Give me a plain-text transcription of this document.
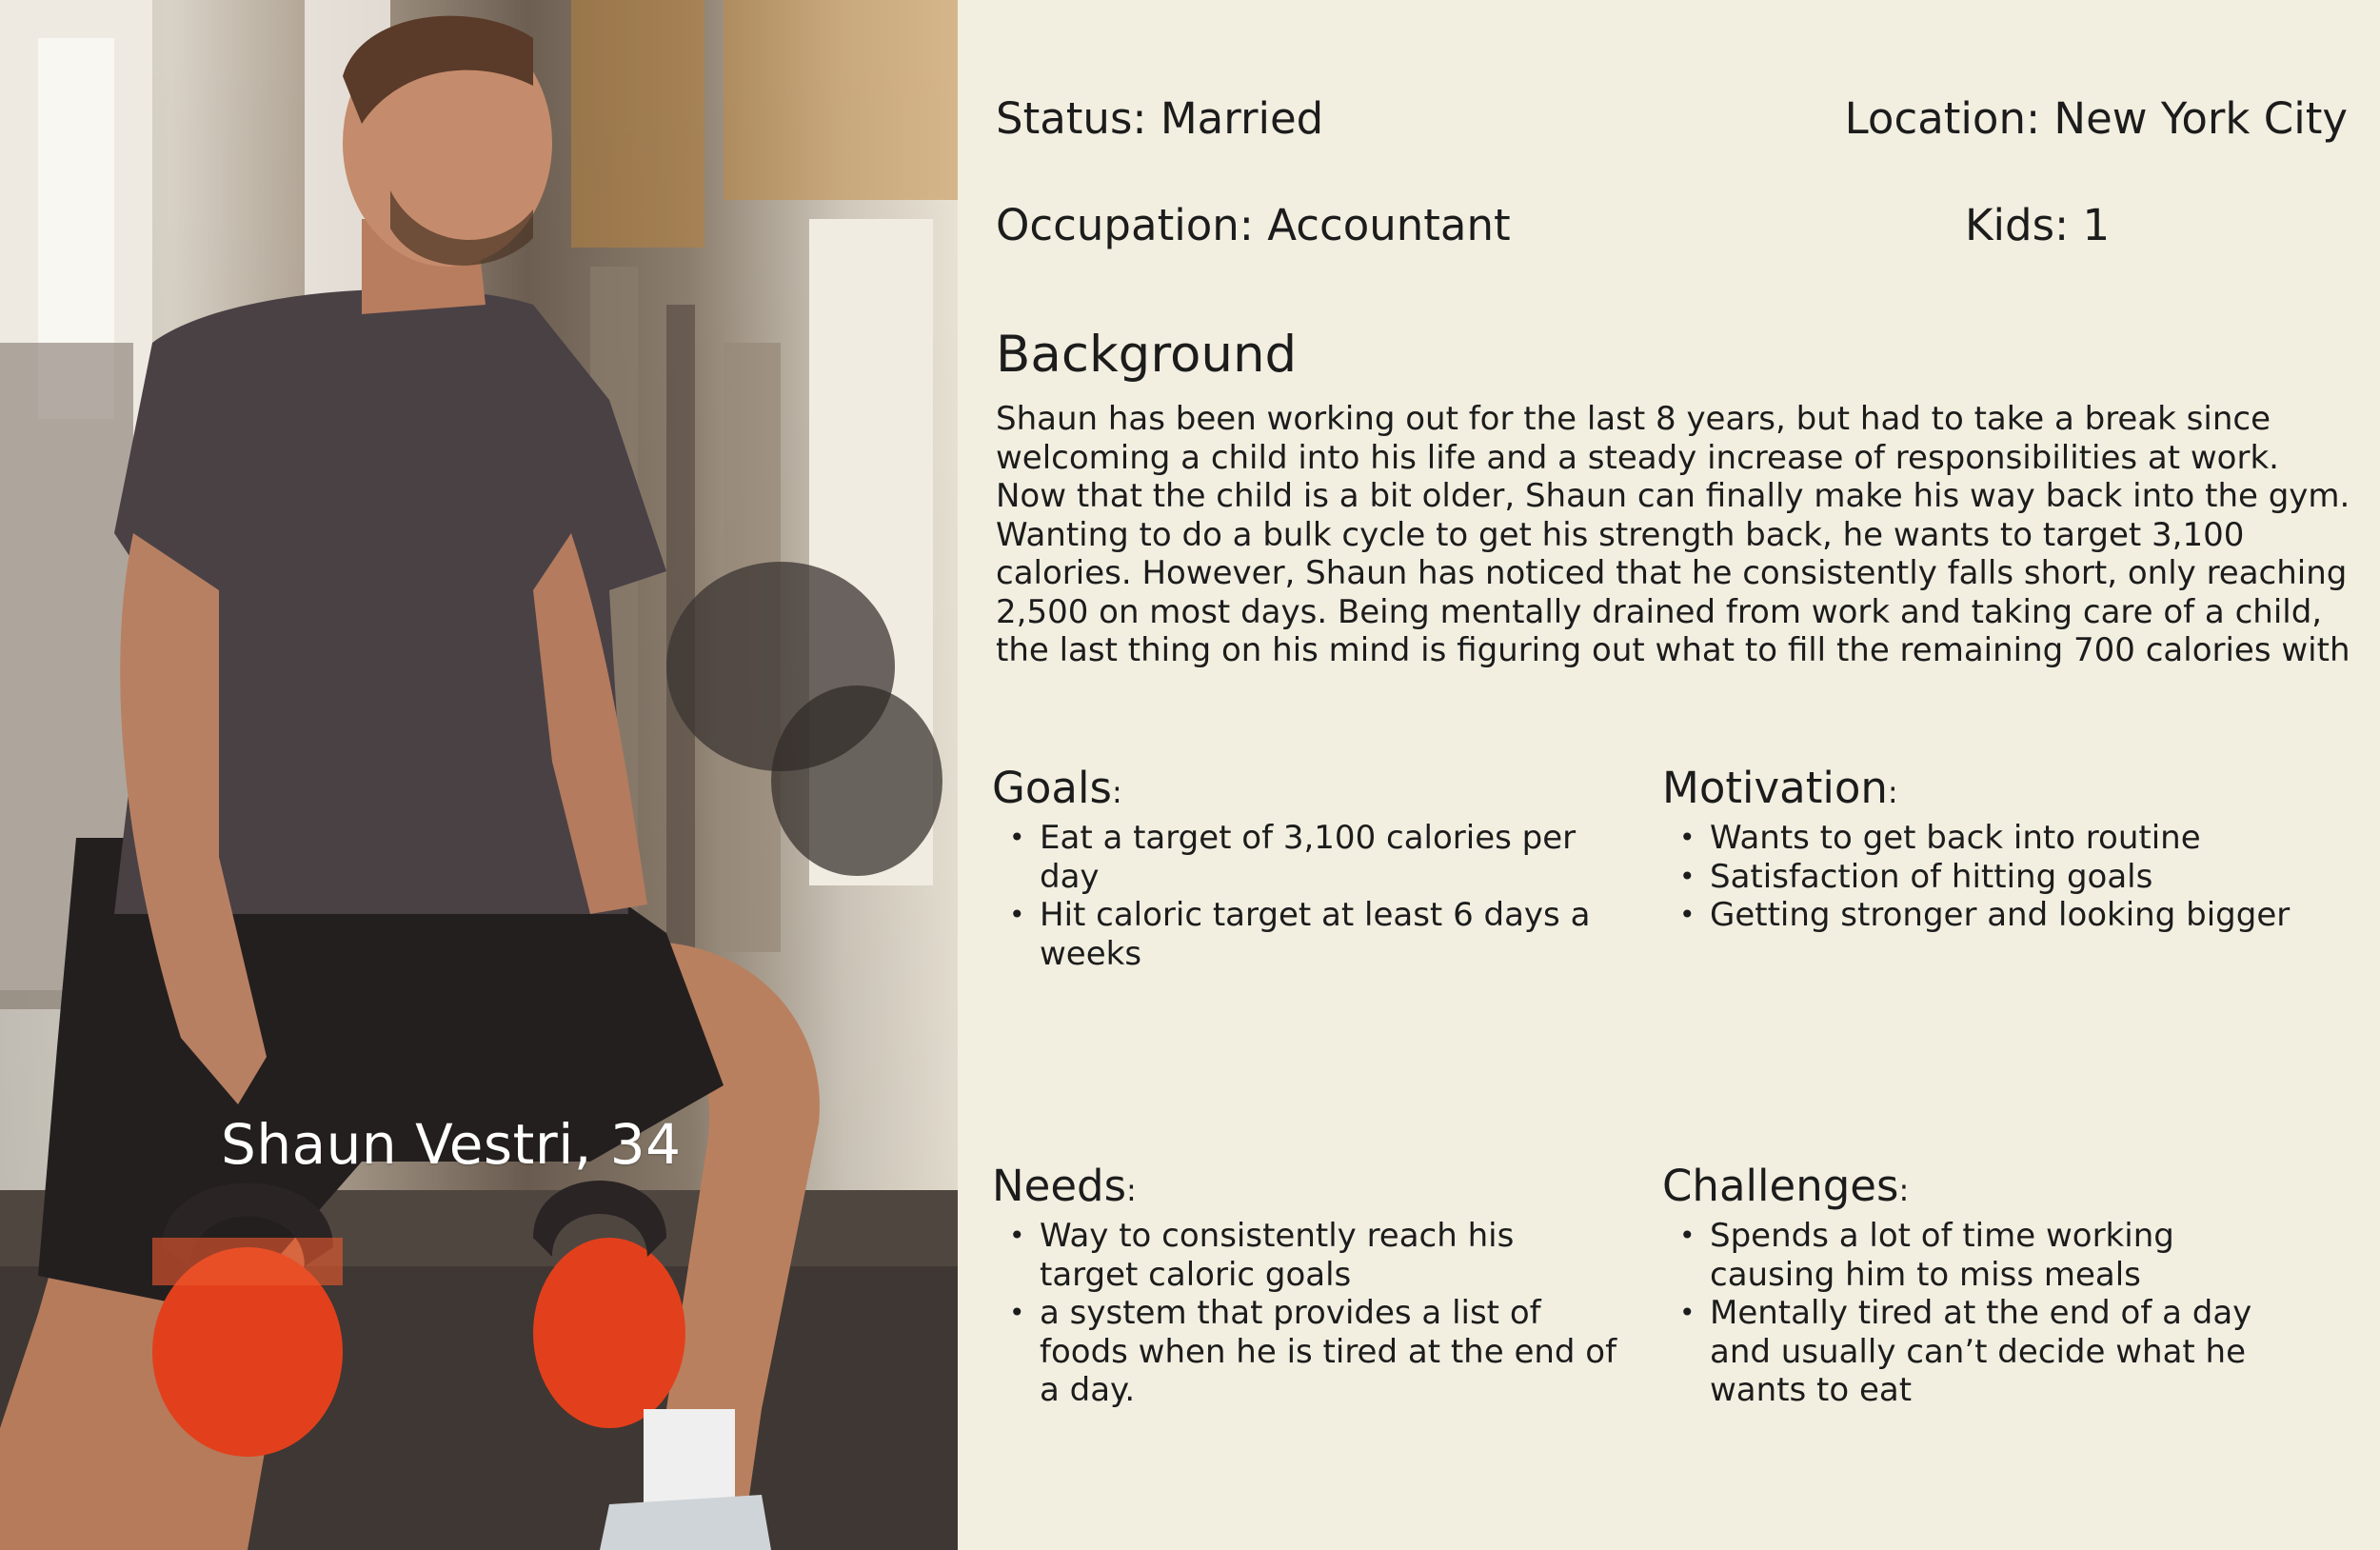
Shaun Vestri, 34
Status: Married	Location: New York City
Occupation: Accountant	Kids: 1
Background
Shaun has been working out for the last 8 years, but had to take a break since welcoming a child into his life and a steady increase of responsibilities at work. Now that the child is a bit older, Shaun can finally make his way back into the gym. Wanting to do a bulk cycle to get his strength back, he wants to target 3,100 calories. However, Shaun has noticed that he consistently falls short, only reaching 2,500 on most days. Being mentally drained from work and taking care of a child, the last thing on his mind is figuring out what to fill the remaining 700 calories with
Goals:
• Eat a target of 3,100 calories per day
• Hit caloric target at least 6 days a weeks
Motivation:
• Wants to get back into routine
• Satisfaction of hitting goals
• Getting stronger and looking bigger
Needs:
• Way to consistently reach his target caloric goals
• a system that provides a list of foods when he is tired at the end of a day.
Challenges:
• Spends a lot of time working causing him to miss meals
• Mentally tired at the end of a day and usually can’t decide what he wants to eat
